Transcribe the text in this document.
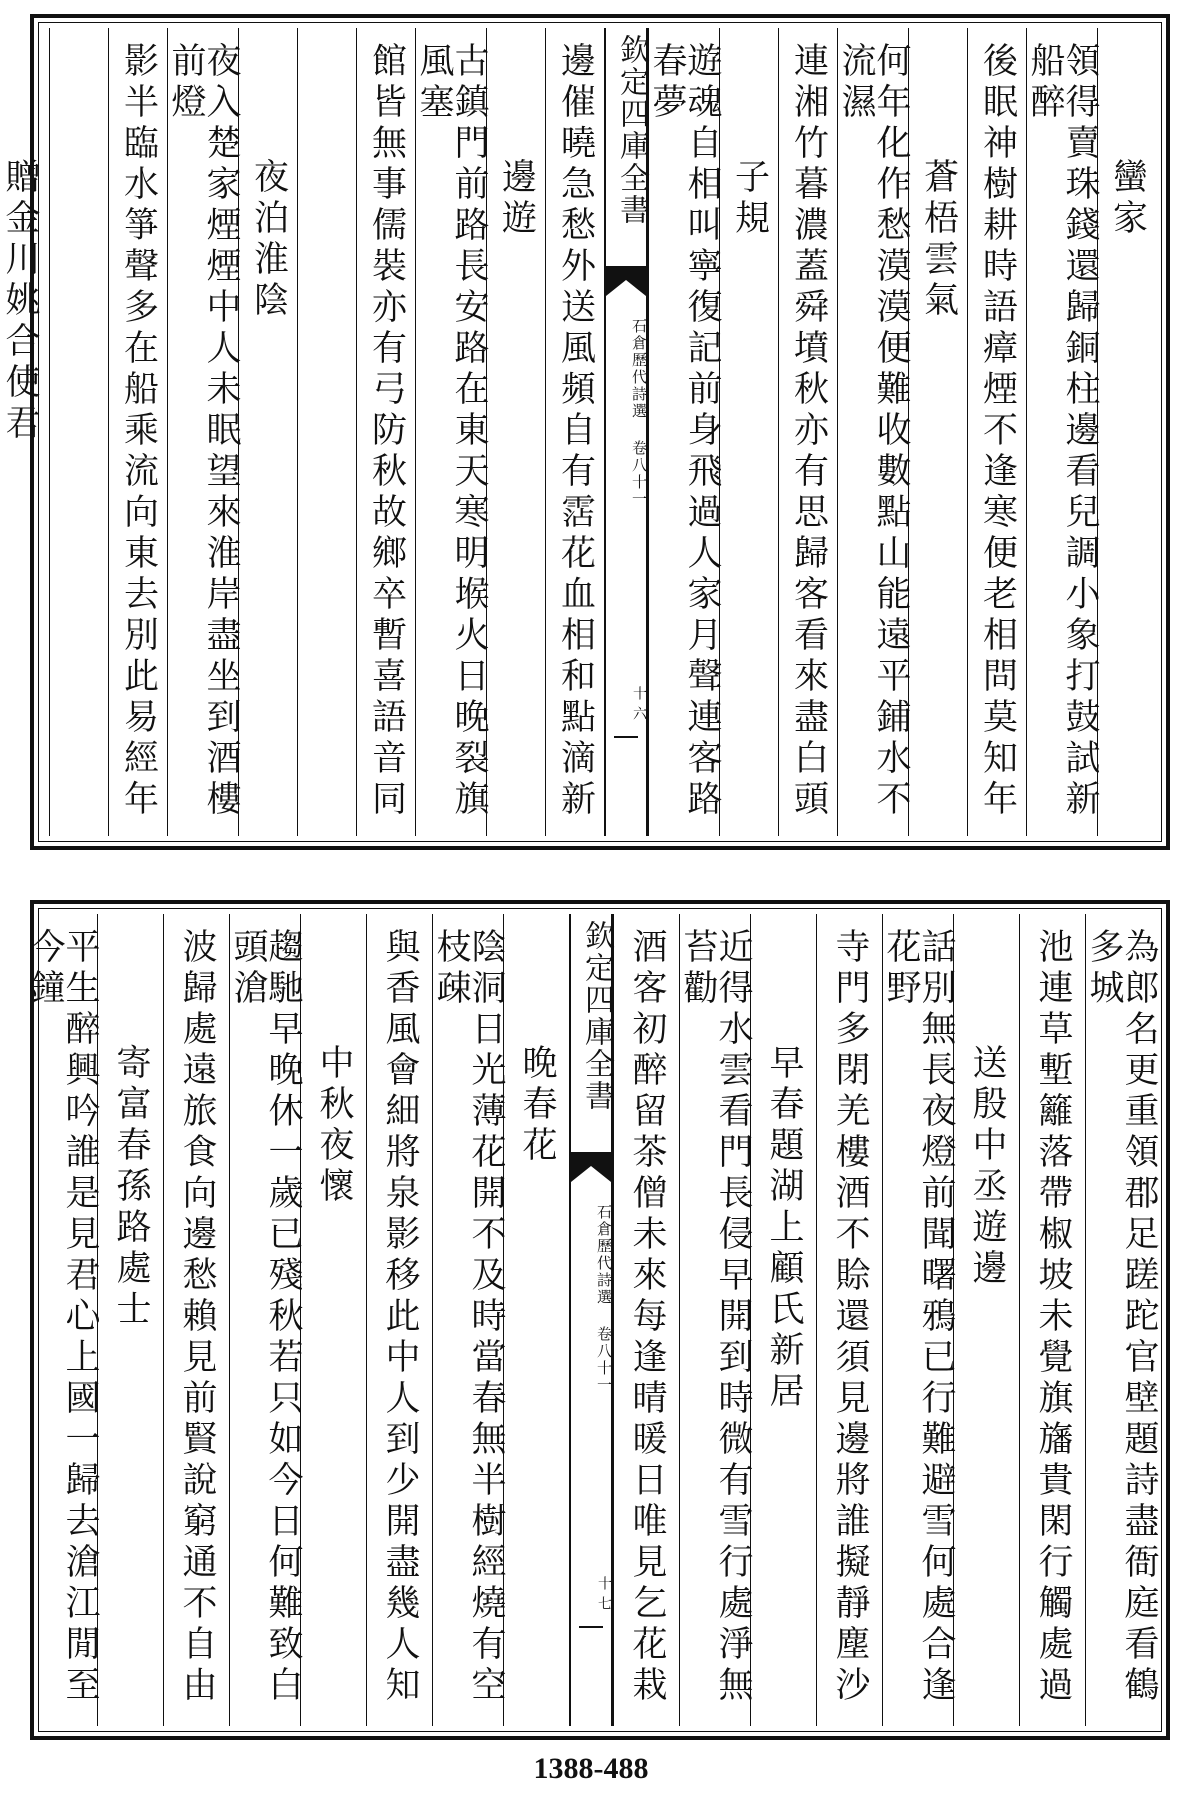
蠻家
領得賣珠錢還歸銅柱邊看兒調小象打鼓試新船醉
後眠神樹耕時語瘴煙不逢寒便老相問莫知年
蒼梧雲氣
何年化作愁漠漠便難收數點山能遠平鋪水不流濕
連湘竹暮濃蓋舜墳秋亦有思歸客看來盡白頭
子規
遊魂自相叫寧復記前身飛過人家月聲連客路春夢
欽定四庫全書
石倉歷代詩選 卷八十一
十六
邊催曉急愁外送風頻自有霑花血相和點滴新
邊遊
古鎮門前路長安路在東天寒明堠火日晚裂旗風塞
館皆無事儒裝亦有弓防秋故鄉卒暫喜語音同
夜泊淮陰
夜入楚家煙煙中人未眠望來淮岸盡坐到酒樓前燈
影半臨水箏聲多在船乘流向東去別此易經年
贈金川姚合使君
為郎名更重領郡足蹉跎官壁題詩盡衙庭看鶴多城
池連草塹籬落帶椒坡未覺旗旛貴閑行觸處過
送殷中丞遊邊
話別無長夜燈前聞曙鴉已行難避雪何處合逢花野
寺門多閉羌樓酒不賒還須見邊將誰擬靜塵沙
早春題湖上顧氏新居
近得水雲看門長侵早開到時微有雪行處淨無苔勸
酒客初醉留茶僧未來每逢晴暖日唯見乞花栽
欽定四庫全書
石倉歷代詩選 卷八十一
十七
晚春花
陰洞日光薄花開不及時當春無半樹經燒有空枝疎
與香風會細將泉影移此中人到少開盡幾人知
中秋夜懷
趨馳早晚休一歲已殘秋若只如今日何難致白頭滄
波歸處遠旅食向邊愁賴見前賢說窮通不自由
寄富春孫路處士
平生醉興吟誰是見君心上國一歸去滄江閒至今鐘
1388-488
